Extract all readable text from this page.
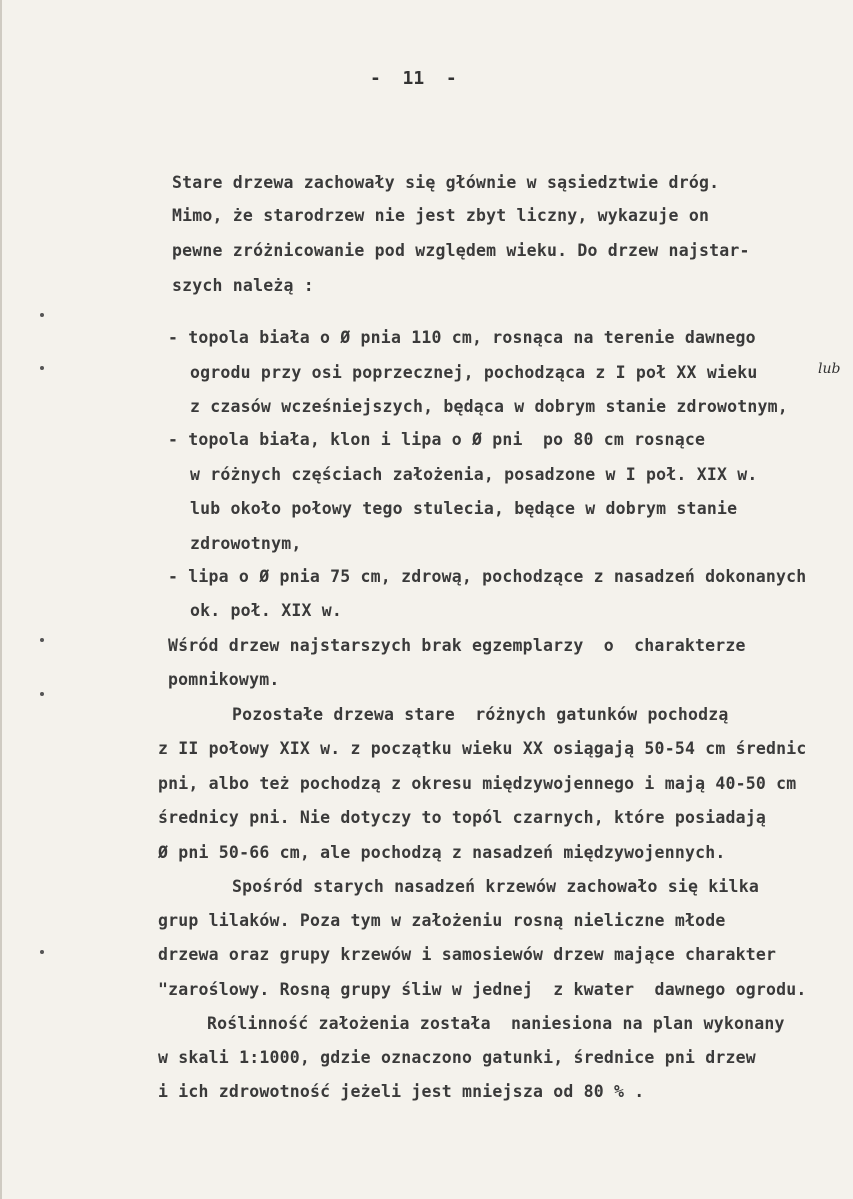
-  11  -
Stare drzewa zachowały się głównie w sąsiedztwie dróg.
Mimo, że starodrzew nie jest zbyt liczny, wykazuje on
pewne zróżnicowanie pod względem wieku. Do drzew najstar-
szych należą :
- topola biała o Ø pnia 110 cm, rosnąca na terenie dawnego
ogrodu przy osi poprzecznej, pochodząca z I poł XX wieku	lub
z czasów wcześniejszych, będąca w dobrym stanie zdrowotnym,
- topola biała, klon i lipa o Ø pni  po 80 cm rosnące
w różnych częściach założenia, posadzone w I poł. XIX w.
lub około połowy tego stulecia, będące w dobrym stanie
zdrowotnym,
- lipa o Ø pnia 75 cm, zdrową, pochodzące z nasadzeń dokonanych
ok. poł. XIX w.
Wśród drzew najstarszych brak egzemplarzy  o  charakterze
pomnikowym.
Pozostałe drzewa stare  różnych gatunków pochodzą
z II połowy XIX w. z początku wieku XX osiągają 50-54 cm średnic
pni, albo też pochodzą z okresu międzywojennego i mają 40-50 cm
średnicy pni. Nie dotyczy to topól czarnych, które posiadają
Ø pni 50-66 cm, ale pochodzą z nasadzeń międzywojennych.
Spośród starych nasadzeń krzewów zachowało się kilka
grup lilaków. Poza tym w założeniu rosną nieliczne młode
drzewa oraz grupy krzewów i samosiewów drzew mające charakter
"zaroślowy. Rosną grupy śliw w jednej  z kwater  dawnego ogrodu.
Roślinność założenia została  naniesiona na plan wykonany
w skali 1:1000, gdzie oznaczono gatunki, średnice pni drzew
i ich zdrowotność jeżeli jest mniejsza od 80 % .
